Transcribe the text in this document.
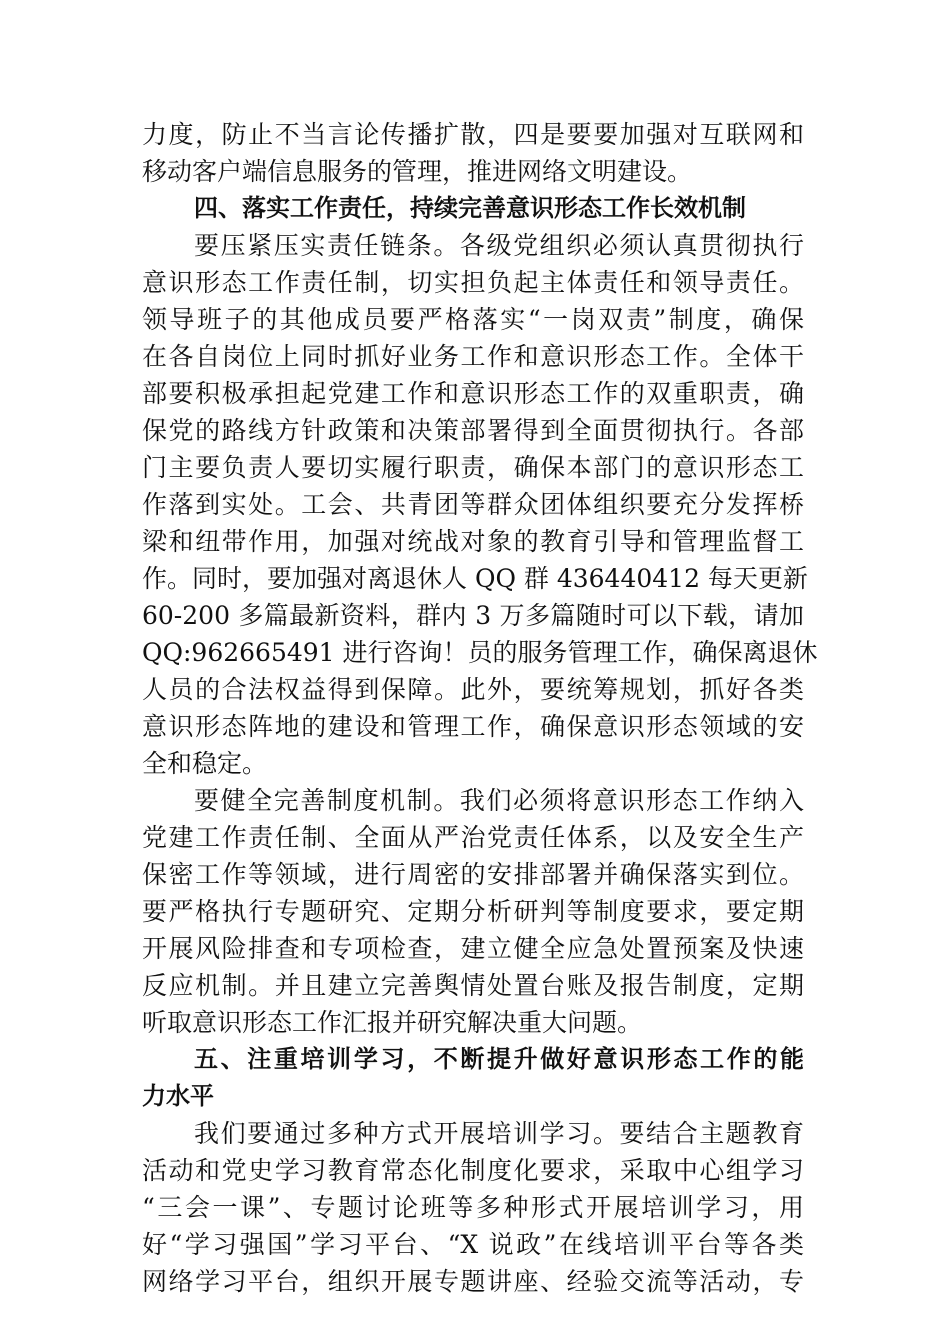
力度，防止不当言论传播扩散，四是要要加强对互联网和
移动客户端信息服务的管理，推进网络文明建设。
四、落实工作责任，持续完善意识形态工作长效机制
要压紧压实责任链条。各级党组织必须认真贯彻执行
意识形态工作责任制，切实担负起主体责任和领导责任。
领导班子的其他成员要严格落实“一岗双责”制度，确保
在各自岗位上同时抓好业务工作和意识形态工作。全体干
部要积极承担起党建工作和意识形态工作的双重职责，确
保党的路线方针政策和决策部署得到全面贯彻执行。各部
门主要负责人要切实履行职责，确保本部门的意识形态工
作落到实处。工会、共青团等群众团体组织要充分发挥桥
梁和纽带作用，加强对统战对象的教育引导和管理监督工
作。同时，要加强对离退休人 QQ 群 436440412 每天更新
60-200 多篇最新资料，群内 3 万多篇随时可以下载，请加
QQ:962665491 进行咨询！员的服务管理工作，确保离退休
人员的合法权益得到保障。此外，要统筹规划，抓好各类
意识形态阵地的建设和管理工作，确保意识形态领域的安
全和稳定。
要健全完善制度机制。我们必须将意识形态工作纳入
党建工作责任制、全面从严治党责任体系，以及安全生产
保密工作等领域，进行周密的安排部署并确保落实到位。
要严格执行专题研究、定期分析研判等制度要求，要定期
开展风险排查和专项检查，建立健全应急处置预案及快速
反应机制。并且建立完善舆情处置台账及报告制度，定期
听取意识形态工作汇报并研究解决重大问题。
五、注重培训学习，不断提升做好意识形态工作的能
力水平
我们要通过多种方式开展培训学习。要结合主题教育
活动和党史学习教育常态化制度化要求，采取中心组学习
“三会一课”、专题讨论班等多种形式开展培训学习，用
好“学习强国”学习平台、“X 说政”在线培训平台等各类
网络学习平台，组织开展专题讲座、经验交流等活动，专
